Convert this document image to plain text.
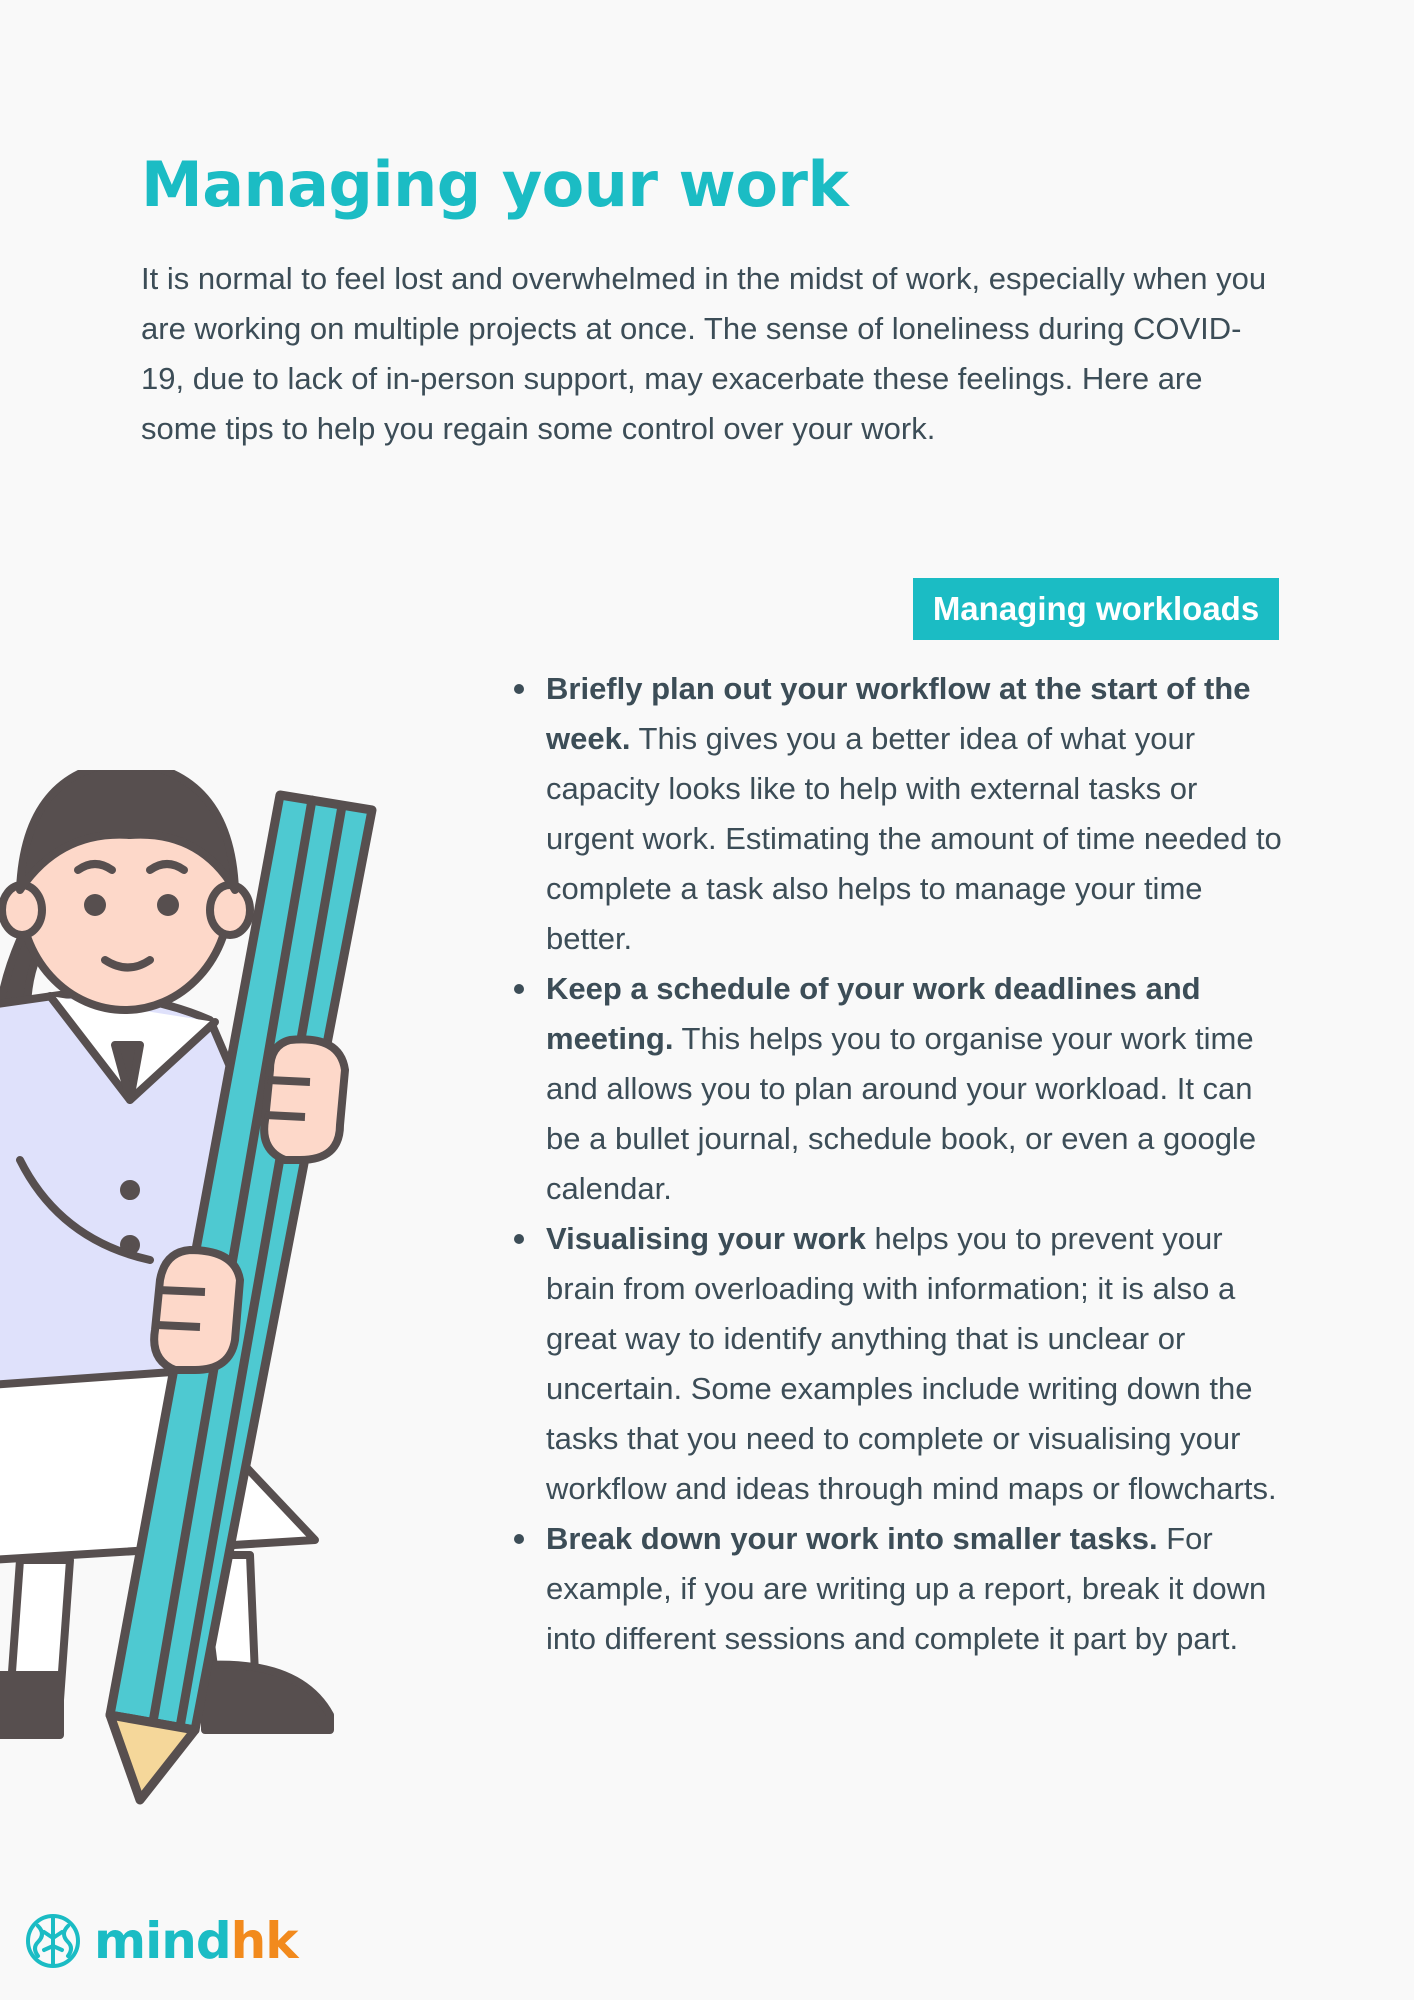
Managing your work

It is normal to feel lost and overwhelmed in the midst of work, especially when you are working on multiple projects at once. The sense of loneliness during COVID-19, due to lack of in-person support, may exacerbate these feelings. Here are some tips to help you regain some control over your work.

Managing workloads
Briefly plan out your workflow at the start of the week. This gives you a better idea of what your capacity looks like to help with external tasks or urgent work. Estimating the amount of time needed to complete a task also helps to manage your time better.
Keep a schedule of your work deadlines and meeting. This helps you to organise your work time and allows you to plan around your workload. It can be a bullet journal, schedule book, or even a google calendar.
Visualising your work helps you to prevent your brain from overloading with information; it is also a great way to identify anything that is unclear or uncertain. Some examples include writing down the tasks that you need to complete or visualising your workflow and ideas through mind maps or flowcharts.
Break down your work into smaller tasks. For example, if you are writing up a report, break it down into different sessions and complete it part by part.
mindhk
